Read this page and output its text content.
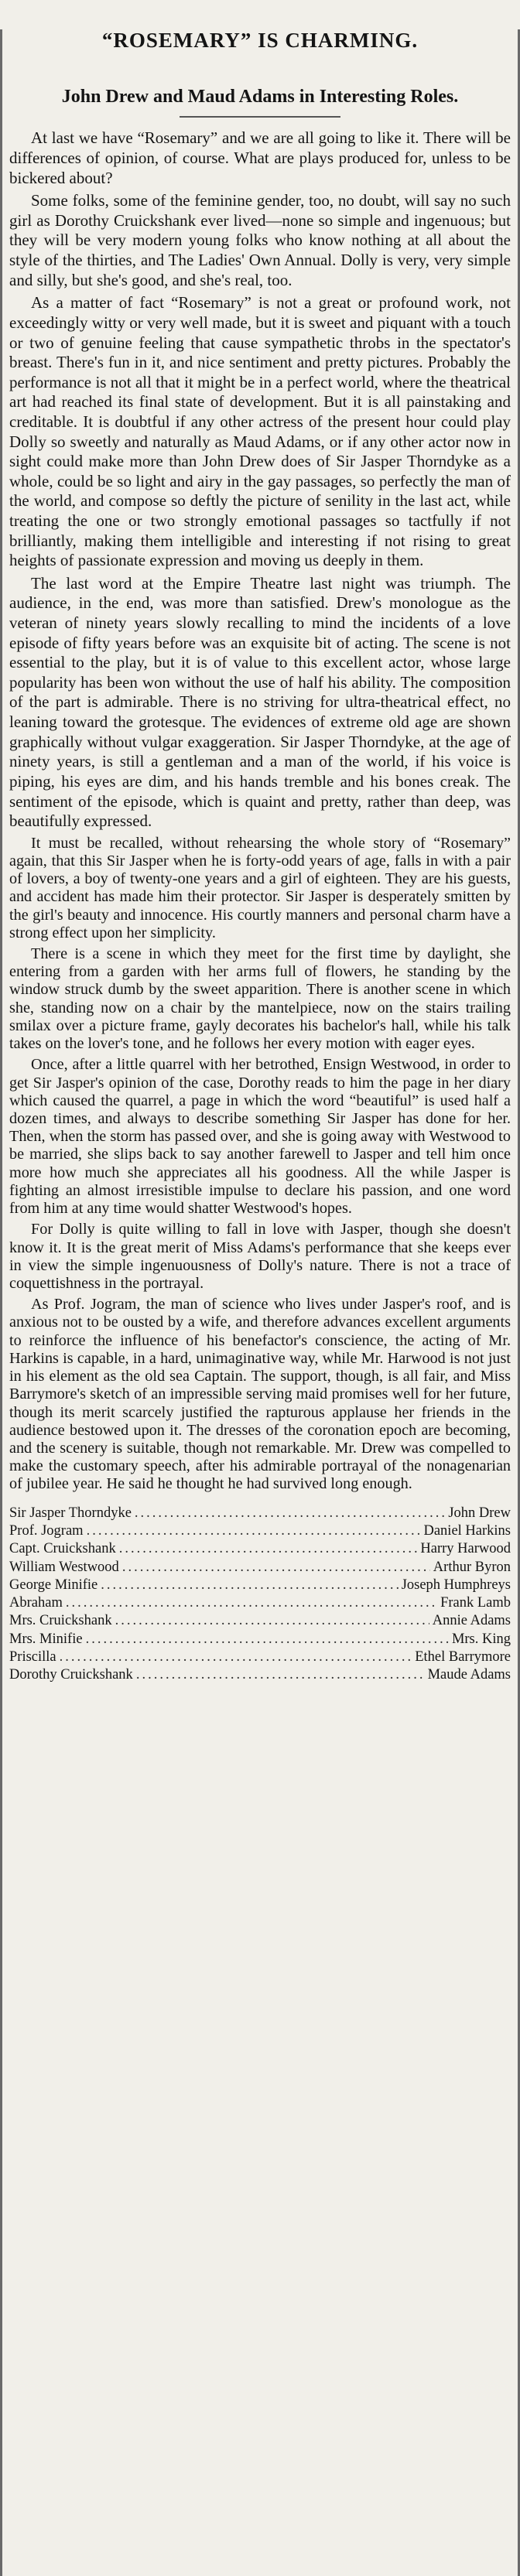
“ROSEMARY” IS CHARMING.
John Drew and Maud Adams in Interesting Roles.

At last we have “Rosemary” and we are all going to like it. There will be differences of opinion, of course. What are plays produced for, unless to be bickered about?

Some folks, some of the feminine gender, too, no doubt, will say no such girl as Dorothy Cruickshank ever lived—none so simple and ingenuous; but they will be very modern young folks who know nothing at all about the style of the thirties, and The Ladies' Own Annual. Dolly is very, very simple and silly, but she's good, and she's real, too.

As a matter of fact “Rosemary” is not a great or profound work, not exceedingly witty or very well made, but it is sweet and piquant with a touch or two of genuine feeling that cause sympathetic throbs in the spectator's breast. There's fun in it, and nice sentiment and pretty pictures. Probably the performance is not all that it might be in a perfect world, where the theatrical art had reached its final state of development. But it is all painstaking and creditable. It is doubtful if any other actress of the present hour could play Dolly so sweetly and naturally as Maud Adams, or if any other actor now in sight could make more than John Drew does of Sir Jasper Thorndyke as a whole, could be so light and airy in the gay passages, so perfectly the man of the world, and compose so deftly the picture of senility in the last act, while treating the one or two strongly emotional passages so tactfully if not brilliantly, making them intelligible and interesting if not rising to great heights of passionate expression and moving us deeply in them.

The last word at the Empire Theatre last night was triumph. The audience, in the end, was more than satisfied. Drew's monologue as the veteran of ninety years slowly recalling to mind the incidents of a love episode of fifty years before was an exquisite bit of acting. The scene is not essential to the play, but it is of value to this excellent actor, whose large popularity has been won without the use of half his ability. The composition of the part is admirable. There is no striving for ultra-theatrical effect, no leaning toward the grotesque. The evidences of extreme old age are shown graphically without vulgar exaggeration. Sir Jasper Thorndyke, at the age of ninety years, is still a gentleman and a man of the world, if his voice is piping, his eyes are dim, and his hands tremble and his bones creak. The sentiment of the episode, which is quaint and pretty, rather than deep, was beautifully expressed.

It must be recalled, without rehearsing the whole story of “Rosemary” again, that this Sir Jasper when he is forty-odd years of age, falls in with a pair of lovers, a boy of twenty-one years and a girl of eighteen. They are his guests, and accident has made him their protector. Sir Jasper is desperately smitten by the girl's beauty and innocence. His courtly manners and personal charm have a strong effect upon her simplicity.

There is a scene in which they meet for the first time by daylight, she entering from a garden with her arms full of flowers, he standing by the window struck dumb by the sweet apparition. There is another scene in which she, standing now on a chair by the mantelpiece, now on the stairs trailing smilax over a picture frame, gayly decorates his bachelor's hall, while his talk takes on the lover's tone, and he follows her every motion with eager eyes.

Once, after a little quarrel with her betrothed, Ensign Westwood, in order to get Sir Jasper's opinion of the case, Dorothy reads to him the page in her diary which caused the quarrel, a page in which the word “beautiful” is used half a dozen times, and always to describe something Sir Jasper has done for her. Then, when the storm has passed over, and she is going away with Westwood to be married, she slips back to say another farewell to Jasper and tell him once more how much she appreciates all his goodness. All the while Jasper is fighting an almost irresistible impulse to declare his passion, and one word from him at any time would shatter Westwood's hopes.

For Dolly is quite willing to fall in love with Jasper, though she doesn't know it. It is the great merit of Miss Adams's performance that she keeps ever in view the simple ingenuousness of Dolly's nature. There is not a trace of coquettishness in the portrayal.

As Prof. Jogram, the man of science who lives under Jasper's roof, and is anxious not to be ousted by a wife, and therefore advances excellent arguments to reinforce the influence of his benefactor's conscience, the acting of Mr. Harkins is capable, in a hard, unimaginative way, while Mr. Harwood is not just in his element as the old sea Captain. The support, though, is all fair, and Miss Barrymore's sketch of an impressible serving maid promises well for her future, though its merit scarcely justified the rapturous applause her friends in the audience bestowed upon it. The dresses of the coronation epoch are becoming, and the scenery is suitable, though not remarkable. Mr. Drew was compelled to make the customary speech, after his admirable portrayal of the nonagenarian of jubilee year. He said he thought he had survived long enough.

Sir Jasper Thorndyke .....	John Drew
Prof. Jogram .....	Daniel Harkins
Capt. Cruickshank .....	Harry Harwood
William Westwood .....	Arthur Byron
George Minifie .....	Joseph Humphreys
Abraham .....	Frank Lamb
Mrs. Cruickshank .....	Annie Adams
Mrs. Minifie .....	Mrs. King
Priscilla .....	Ethel Barrymore
Dorothy Cruickshank .....	Maude Adams
